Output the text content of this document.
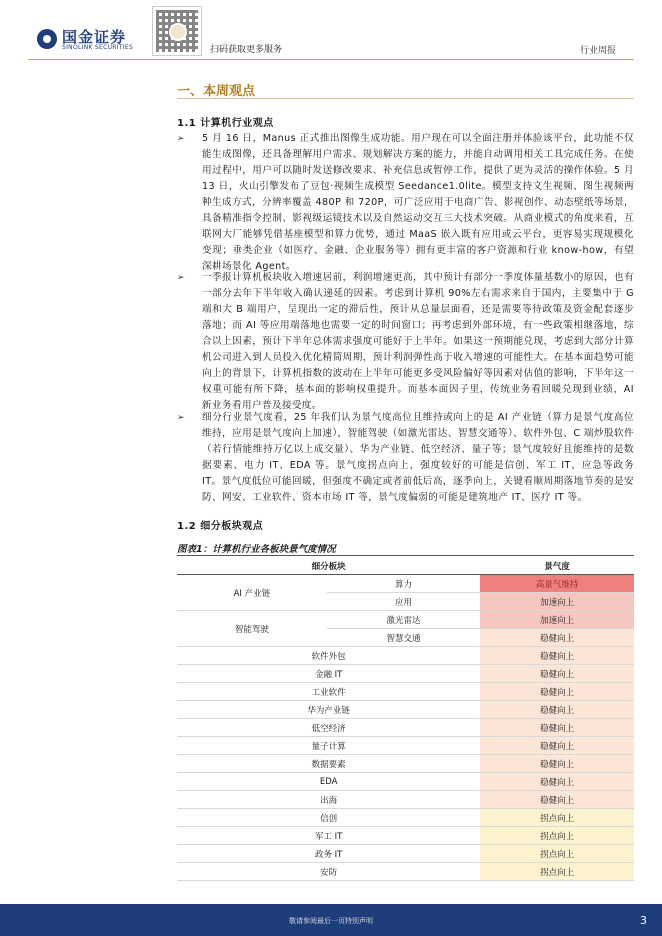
国金证券
SINOLINK SECURITIES	扫码获取更多服务	行业周报
一、本周观点
1.1 计算机行业观点
➢ 5 月 16 日，Manus 正式推出图像生成功能。用户现在可以全面注册并体验该平台，此功能不仅能生成图像，还具备理解用户需求、规划解决方案的能力，并能自动调用相关工具完成任务。在使用过程中，用户可以随时发送修改要求、补充信息或暂停工作，提供了更为灵活的操作体验。5 月 13 日，火山引擎发布了豆包·视频生成模型 Seedance1.0lite。模型支持文生视频、图生视频两种生成方式，分辨率覆盖 480P 和 720P，可广泛应用于电商广告、影视创作、动态壁纸等场景，具备精准指令控制、影视级运镜技术以及自然运动交互三大技术突破。从商业模式的角度来看，互联网大厂能够凭借基座模型和算力优势，通过 MaaS 嵌入既有应用或云平台，更容易实现规模化变现；垂类企业（如医疗、金融、企业服务等）拥有更丰富的客户资源和行业 know-how，有望深耕场景化 Agent。

➢ 一季报计算机板块收入增速居前，利润增速更高，其中预计有部分一季度体量基数小的原因，也有一部分去年下半年收入确认递延的因素。考虑到计算机 90%左右需求来自于国内，主要集中于 G 端和大 B 端用户，呈现出一定的滞后性，预计从总量层面看，还是需要等待政策及资金配套逐步落地；而 AI 等应用端落地也需要一定的时间窗口；再考虑到外部环境，有一些政策相继落地，综合以上因素，预计下半年总体需求强度可能好于上半年。如果这一预期能兑现，考虑到大部分计算机公司进入到人员投入优化精简周期，预计利润弹性高于收入增速的可能性大。在基本面趋势可能向上的背景下，计算机指数的波动在上半年可能更多受风险偏好等因素对估值的影响，下半年这一权重可能有所下降，基本面的影响权重提升。而基本面因子里，传统业务看回暖兑现到业绩，AI 新业务看用户普及接受度。

➢ 细分行业景气度看，25 年我们认为景气度高位且维持或向上的是 AI 产业链（算力是景气度高位维持，应用是景气度向上加速），智能驾驶（如激光雷达、智慧交通等）、软件外包、C 端炒股软件（若行情能维持万亿以上成交量）、华为产业链、低空经济、量子等；景气度较好且能维持的是数据要素、电力 IT、EDA 等。景气度拐点向上，强度较好的可能是信创、军工 IT、应急等政务 IT。景气度低位可能回暖，但强度不确定或者前低后高，逐季向上，关键看顺周期落地节奏的是安防、网安、工业软件、资本市场 IT 等，景气度偏弱的可能是建筑地产 IT、医疗 IT 等。

1.2 细分板块观点
图表1：计算机行业各板块景气度情况
细分板块		景气度
AI 产业链	算力	高景气维持
	应用	加速向上
智能驾驶	激光雷达	加速向上
	智慧交通	稳健向上
软件外包		稳健向上
金融 IT		稳健向上
工业软件		稳健向上
华为产业链		稳健向上
低空经济		稳健向上
量子计算		稳健向上
数据要素		稳健向上
EDA		稳健向上
出海		稳健向上
信创		拐点向上
军工 IT		拐点向上
政务 IT		拐点向上
安防		拐点向上
敬请参阅最后一页特别声明	3
